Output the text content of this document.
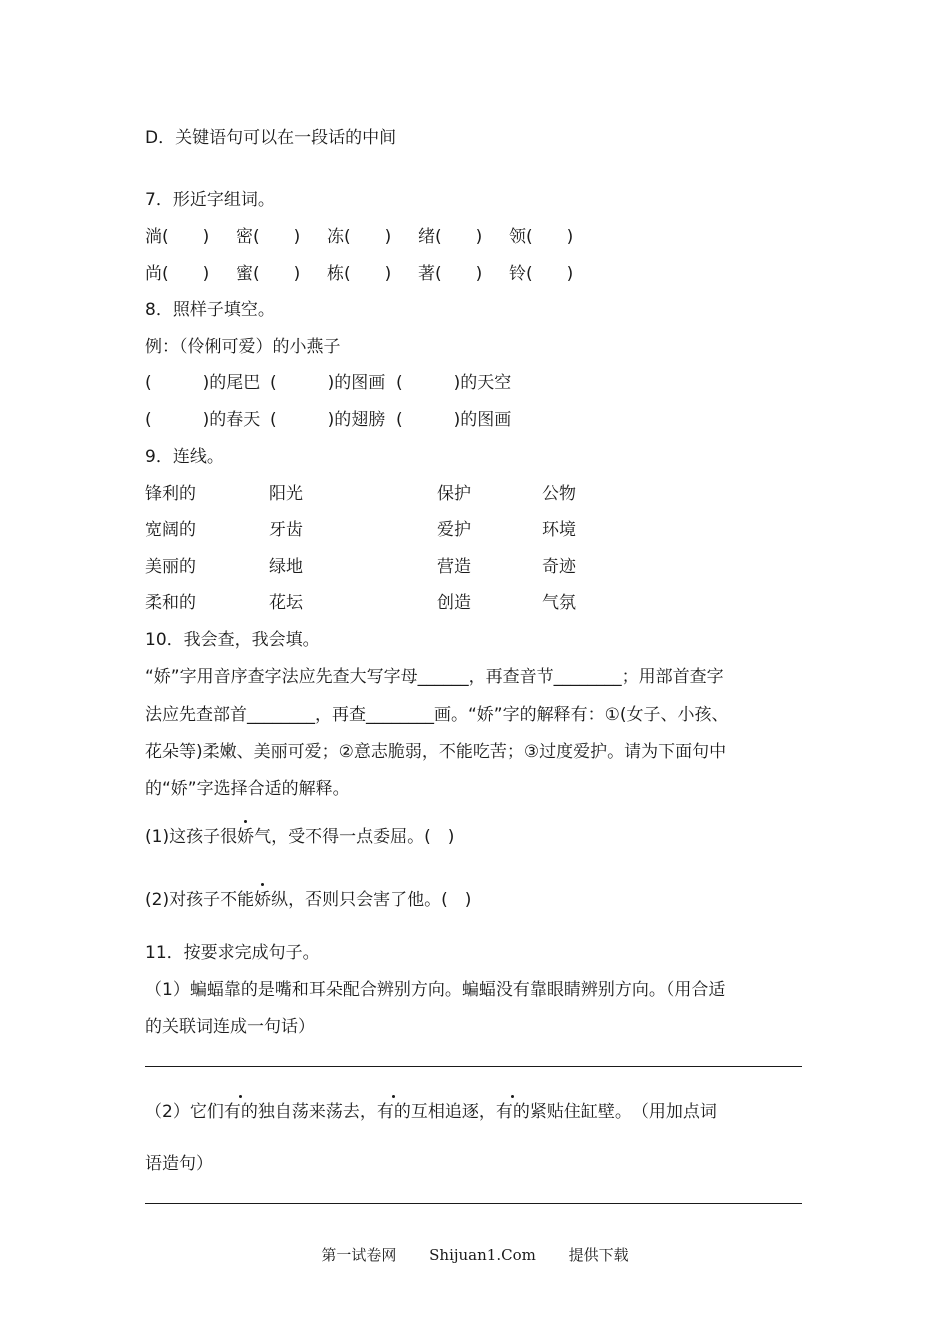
D．关键语句可以在一段话的中间
7．形近字组词。
淌(　　) 密(　　) 冻(　　) 绪(　　) 领(　　)
尚(　　) 蜜(　　) 栋(　　) 著(　　) 铃(　　)
8．照样子填空。
例：（伶俐可爱）的小燕子
(　　　)的尾巴 (　　　)的图画 (　　　)的天空
(　　　)的春天 (　　　)的翅膀 (　　　)的图画
9．连线。
锋利的	阳光	保护	公物
宽阔的	牙齿	爱护	环境
美丽的	绿地	营造	奇迹
柔和的	花坛	创造	气氛
10．我会查，我会填。
“娇”字用音序查字法应先查大写字母______，再查音节________；用部首查字
法应先查部首________，再查________画。“娇”字的解释有：①(女子、小孩、
花朵等)柔嫩、美丽可爱；②意志脆弱，不能吃苦；③过度爱护。请为下面句中
的“娇”字选择合适的解释。
(1)这孩子很娇气，受不得一点委屈。(　)
(2)对孩子不能娇纵，否则只会害了他。(　)
11．按要求完成句子。
（1）蝙蝠靠的是嘴和耳朵配合辨别方向。蝙蝠没有靠眼睛辨别方向。（用合适
的关联词连成一句话）
（2）它们有的独自荡来荡去，有的互相追逐，有的紧贴住缸壁。　（用加点词
语造句）
第一试卷网 Shijuan1.Com 提供下载
